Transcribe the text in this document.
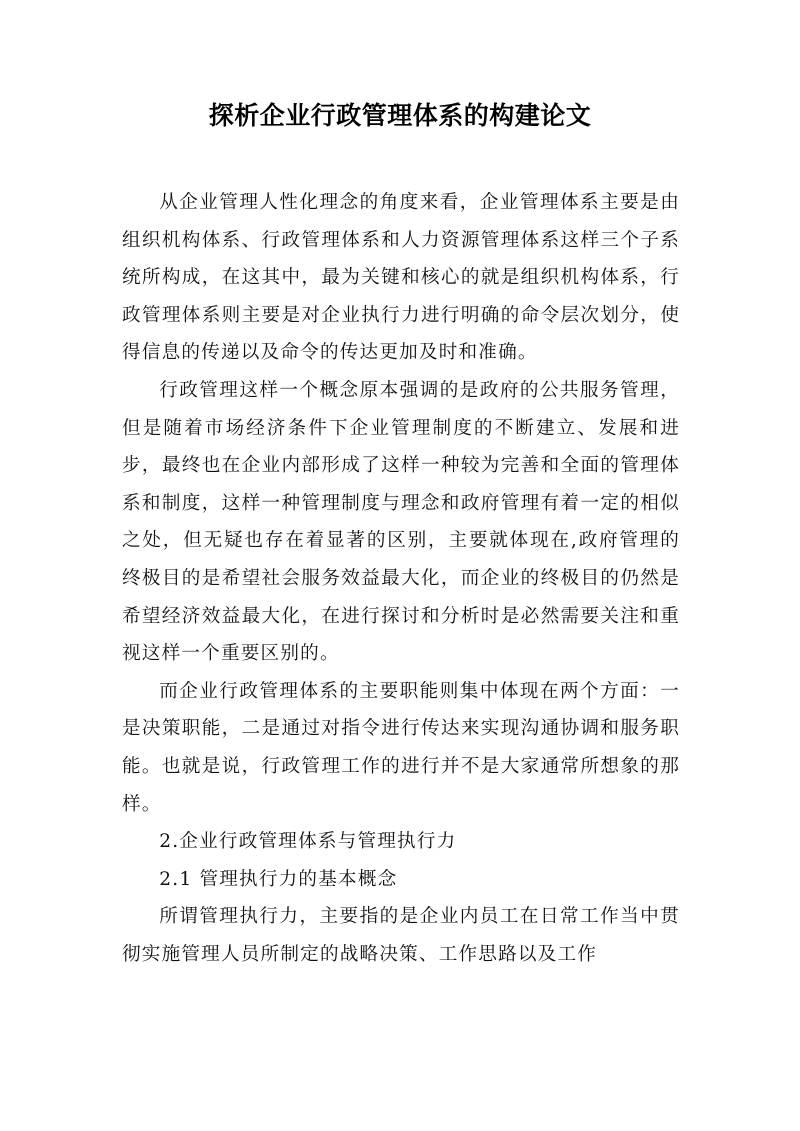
探析企业行政管理体系的构建论文

从企业管理人性化理念的角度来看，企业管理体系主要是由组织机构体系、行政管理体系和人力资源管理体系这样三个子系统所构成，在这其中，最为关键和核心的就是组织机构体系，行政管理体系则主要是对企业执行力进行明确的命令层次划分，使得信息的传递以及命令的传达更加及时和准确。

行政管理这样一个概念原本强调的是政府的公共服务管理，但是随着市场经济条件下企业管理制度的不断建立、发展和进步，最终也在企业内部形成了这样一种较为完善和全面的管理体系和制度，这样一种管理制度与理念和政府管理有着一定的相似之处，但无疑也存在着显著的区别，主要就体现在,政府管理的终极目的是希望社会服务效益最大化，而企业的终极目的仍然是希望经济效益最大化，在进行探讨和分析时是必然需要关注和重视这样一个重要区别的。

而企业行政管理体系的主要职能则集中体现在两个方面：一是决策职能，二是通过对指令进行传达来实现沟通协调和服务职能。也就是说，行政管理工作的进行并不是大家通常所想象的那样。

2.企业行政管理体系与管理执行力

2.1 管理执行力的基本概念

所谓管理执行力，主要指的是企业内员工在日常工作当中贯彻实施管理人员所制定的战略决策、工作思路以及工作
